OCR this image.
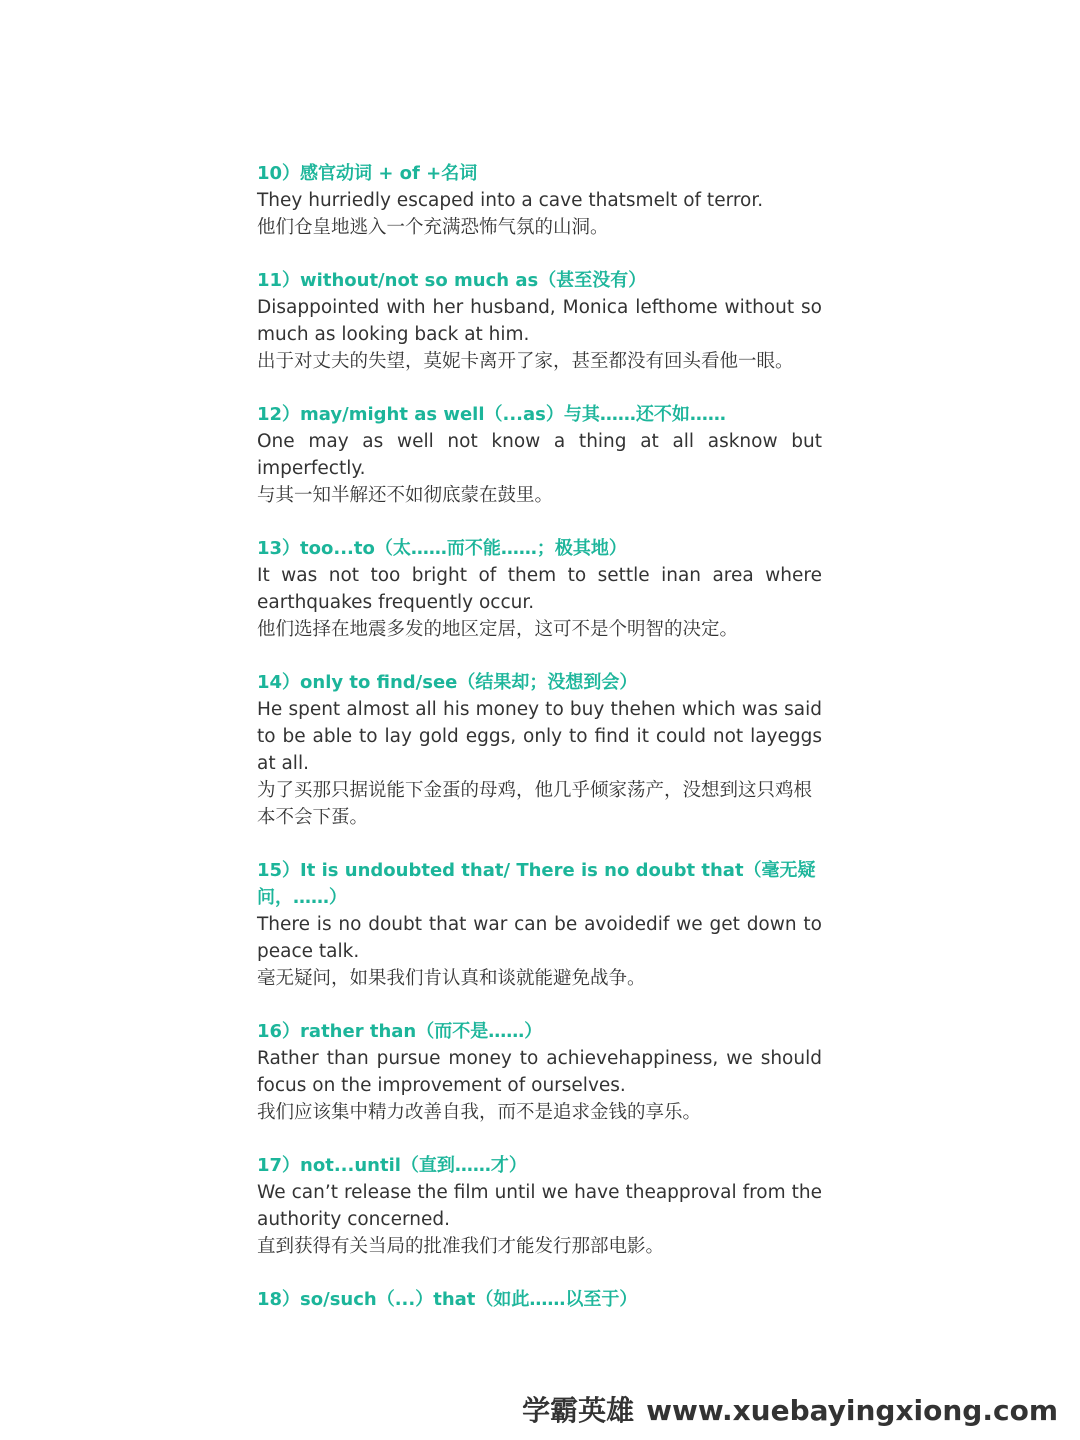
10）感官动词 + of +名词

They hurriedly escaped into a cave thatsmelt of terror.

他们仓皇地逃入一个充满恐怖气氛的山洞。

11）without/not so much as（甚至没有）

Disappointed with her husband, Monica lefthome without so much as looking back at him.

出于对丈夫的失望，莫妮卡离开了家，甚至都没有回头看他一眼。

12）may/might as well（...as）与其……还不如……

One may as well not know a thing at all asknow but imperfectly.

与其一知半解还不如彻底蒙在鼓里。

13）too...to（太……而不能……；极其地）

It was not too bright of them to settle inan area where earthquakes frequently occur.

他们选择在地震多发的地区定居，这可不是个明智的决定。

14）only to find/see（结果却；没想到会）

He spent almost all his money to buy thehen which was said to be able to lay gold eggs, only to find it could not layeggs at all.

为了买那只据说能下金蛋的母鸡，他几乎倾家荡产，没想到这只鸡根本不会下蛋。

15）It is undoubted that/ There is no doubt that（毫无疑问，……）

There is no doubt that war can be avoidedif we get down to peace talk.

毫无疑问，如果我们肯认真和谈就能避免战争。

16）rather than（而不是……）

Rather than pursue money to achievehappiness, we should focus on the improvement of ourselves.

我们应该集中精力改善自我，而不是追求金钱的享乐。

17）not...until（直到……才）

We can’t release the film until we have theapproval from the authority concerned.

直到获得有关当局的批准我们才能发行那部电影。

18）so/such（...）that（如此……以至于）

学霸英雄 www.xuebayingxiong.com
